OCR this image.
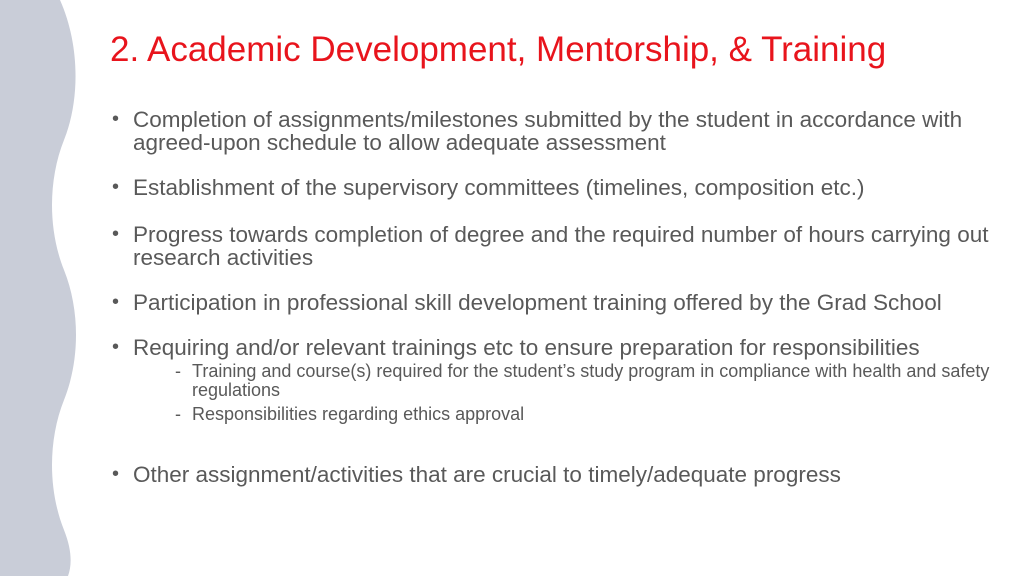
2. Academic Development, Mentorship, & Training
• Completion of assignments/milestones submitted by the student in accordance with agreed-upon schedule to allow adequate assessment
• Establishment of the supervisory committees (timelines, composition etc.)
• Progress towards completion of degree and the required number of hours carrying out research activities
• Participation in professional skill development training offered by the Grad School
• Requiring and/or relevant trainings etc to ensure preparation for responsibilities
- Training and course(s) required for the student’s study program in compliance with health and safety regulations
- Responsibilities regarding ethics approval
• Other assignment/activities that are crucial to timely/adequate progress
